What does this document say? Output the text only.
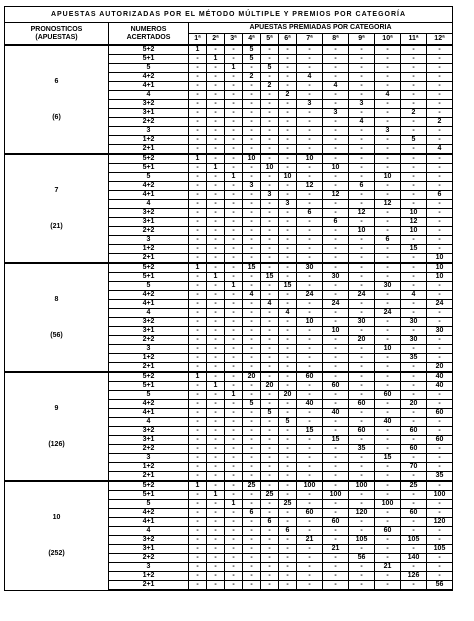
APUESTAS AUTORIZADAS POR EL MÉTODO MÚLTIPLE Y PREMIOS POR CATEGORÍA													

PRONOSTICOS
(APUESTAS)	NUMEROS
ACERTADOS	APUESTAS PREMIADAS POR CATEGORIA											
		1ª	2ª	3ª	4ª	5ª	6ª	7ª	8ª	9ª	10ª	11ª	12ª

6
(6)	5+2	1	-	-	5	-	-	-	-	-	-	-	-
	5+1	-	1	-	5	-	-	-	-	-	-	-	-
	5	-	-	1	-	5	-	-	-	-	-	-	-
	4+2	-	-	-	2	-	-	4	-	-	-	-	-
	4+1	-	-	-	-	2	-	-	4	-	-	-	-
	4	-	-	-	-	-	2	-	-	-	4	-	-
	3+2	-	-	-	-	-	-	3	-	3	-	-	-
	3+1	-	-	-	-	-	-	-	3	-	-	2	-
	2+2	-	-	-	-	-	-	-	-	4	-	-	2
	3	-	-	-	-	-	-	-	-	-	3	-	-
	1+2	-	-	-	-	-	-	-	-	-	-	5	-
	2+1	-	-	-	-	-	-	-	-	-	-	-	4

7
(21)	5+2	1	-	-	10	-	-	10	-	-	-	-	-
	5+1	-	1	-	-	10	-	-	10	-	-	-	-
	5	-	-	1	-	-	10	-	-	-	10	-	-
	4+2	-	-	-	3	-	-	12	-	6	-	-	-
	4+1	-	-	-	-	3	-	-	12	-	-	-	6
	4	-	-	-	-	-	3	-	-	-	12	-	-
	3+2	-	-	-	-	-	-	6	-	12	-	10	-
	3+1	-	-	-	-	-	-	-	6	-	-	12	-
	2+2	-	-	-	-	-	-	-	-	10	-	10	-
	3	-	-	-	-	-	-	-	-	-	6	-	-
	1+2	-	-	-	-	-	-	-	-	-	-	15	-
	2+1	-	-	-	-	-	-	-	-	-	-	-	10

8
(56)	5+2	1	-	-	15	-	-	30	-	-	-	-	10
	5+1	-	1	-	-	15	-	-	30	-	-	-	10
	5	-	-	1	-	-	15	-	-	-	30	-	-
	4+2	-	-	-	4	-	-	24	-	24	-	4	-
	4+1	-	-	-	-	4	-	-	24	-	-	-	24
	4	-	-	-	-	-	4	-	-	-	24	-	-
	3+2	-	-	-	-	-	-	10	-	30	-	30	-
	3+1	-	-	-	-	-	-	-	10	-	-	-	30
	2+2	-	-	-	-	-	-	-	-	20	-	30	-
	3	-	-	-	-	-	-	-	-	-	10	-	-
	1+2	-	-	-	-	-	-	-	-	-	-	35	-
	2+1	-	-	-	-	-	-	-	-	-	-	-	20

9
(126)	5+2	1	-	-	20	-	-	60	-	-	-	-	40
	5+1	-	1	-	-	20	-	-	60	-	-	-	40
	5	-	-	1	-	-	20	-	-	-	60	-	-
	4+2	-	-	-	5	-	-	40	-	60	-	20	-
	4+1	-	-	-	-	5	-	-	40	-	-	-	60
	4	-	-	-	-	-	5	-	-	-	40	-	-
	3+2	-	-	-	-	-	-	15	-	60	-	60	-
	3+1	-	-	-	-	-	-	-	15	-	-	-	60
	2+2	-	-	-	-	-	-	-	-	35	-	60	-
	3	-	-	-	-	-	-	-	-	-	15	-	-
	1+2	-	-	-	-	-	-	-	-	-	-	70	-
	2+1	-	-	-	-	-	-	-	-	-	-	-	35

10
(252)	5+2	1	-	-	25	-	-	100	-	100	-	25	-
	5+1	-	1	-	-	25	-	-	100	-	-	-	100
	5	-	-	1	-	-	25	-	-	-	100	-	-
	4+2	-	-	-	6	-	-	60	-	120	-	60	-
	4+1	-	-	-	-	6	-	-	60	-	-	-	120
	4	-	-	-	-	-	6	-	-	-	60	-	-
	3+2	-	-	-	-	-	-	21	-	105	-	105	-
	3+1	-	-	-	-	-	-	-	21	-	-	-	105
	2+2	-	-	-	-	-	-	-	-	56	-	140	-
	3	-	-	-	-	-	-	-	-	-	21	-	-
	1+2	-	-	-	-	-	-	-	-	-	-	126	-
	2+1	-	-	-	-	-	-	-	-	-	-	-	56
